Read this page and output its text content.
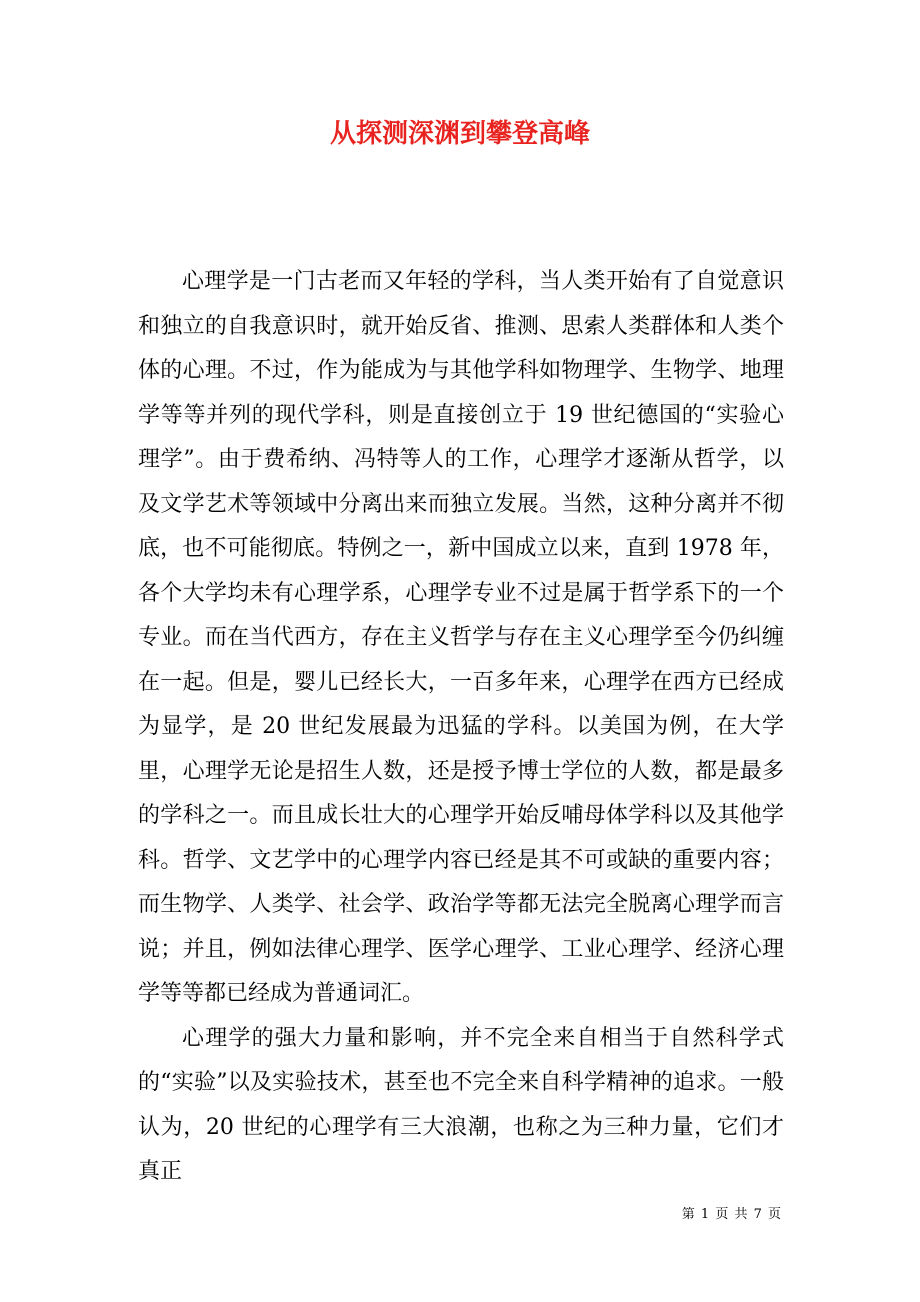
从探测深渊到攀登高峰

心理学是一门古老而又年轻的学科，当人类开始有了自觉意识和独立的自我意识时，就开始反省、推测、思索人类群体和人类个体的心理。不过，作为能成为与其他学科如物理学、生物学、地理学等等并列的现代学科，则是直接创立于 19 世纪德国的“实验心理学”。由于费希纳、冯特等人的工作，心理学才逐渐从哲学，以及文学艺术等领域中分离出来而独立发展。当然，这种分离并不彻底，也不可能彻底。特例之一，新中国成立以来，直到 1978 年，各个大学均未有心理学系，心理学专业不过是属于哲学系下的一个专业。而在当代西方，存在主义哲学与存在主义心理学至今仍纠缠在一起。但是，婴儿已经长大，一百多年来，心理学在西方已经成为显学，是 20 世纪发展最为迅猛的学科。以美国为例，在大学里，心理学无论是招生人数，还是授予博士学位的人数，都是最多的学科之一。而且成长壮大的心理学开始反哺母体学科以及其他学科。哲学、文艺学中的心理学内容已经是其不可或缺的重要内容；而生物学、人类学、社会学、政治学等都无法完全脱离心理学而言说；并且，例如法律心理学、医学心理学、工业心理学、经济心理学等等都已经成为普通词汇。

心理学的强大力量和影响，并不完全来自相当于自然科学式的“实验”以及实验技术，甚至也不完全来自科学精神的追求。一般认为，20 世纪的心理学有三大浪潮，也称之为三种力量，它们才真正

第 1 页 共 7 页
